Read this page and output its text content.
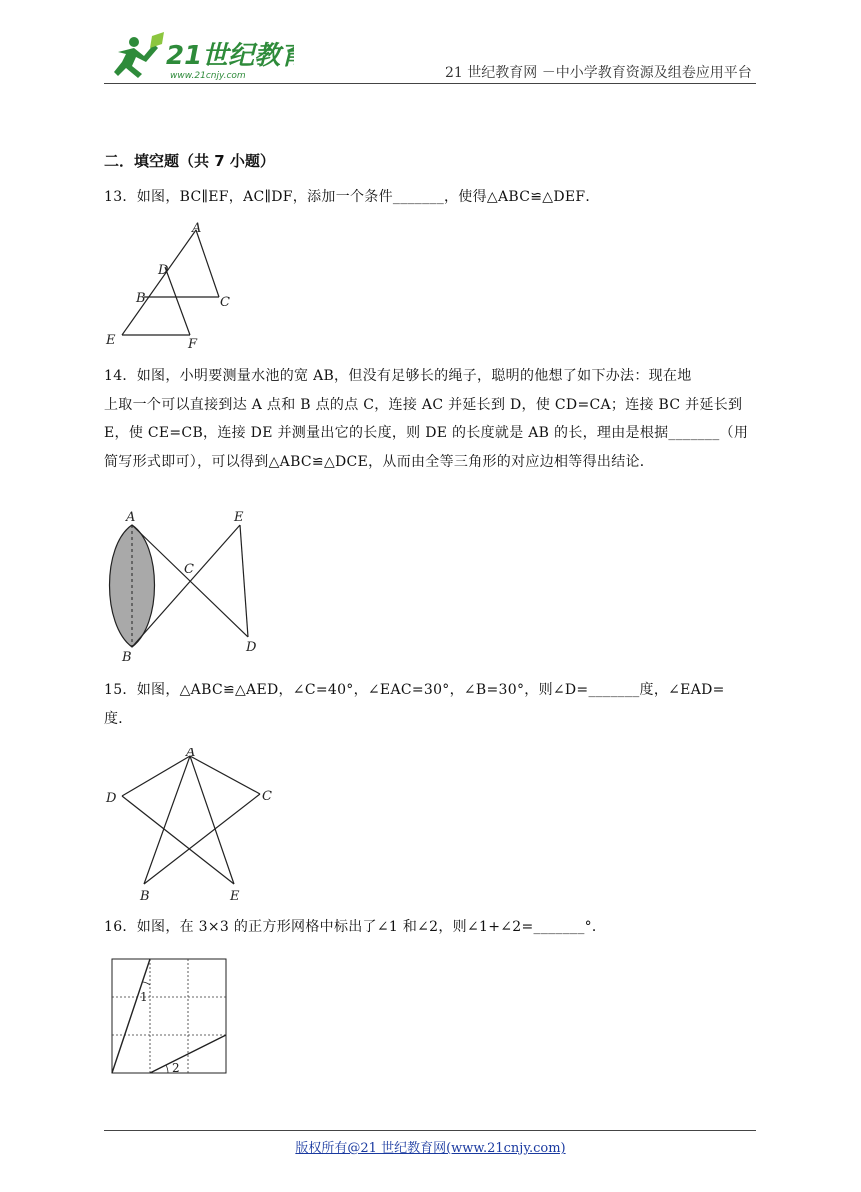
21世纪教育
www.21cnjy.com	21 世纪教育网 －中小学教育资源及组卷应用平台
二．填空题（共 7 小题）
13．如图，BC∥EF，AC∥DF，添加一个条件_______，使得△ABC≌△DEF．
A
D
B	C
E	F
14．如图，小明要测量水池的宽 AB，但没有足够长的绳子，聪明的他想了如下办法：现在地
上取一个可以直接到达 A 点和 B 点的点 C，连接 AC 并延长到 D，使 CD=CA；连接 BC 并延长到
E，使 CE=CB，连接 DE 并测量出它的长度，则 DE 的长度就是 AB 的长，理由是根据_______（用
简写形式即可），可以得到△ABC≌△DCE，从而由全等三角形的对应边相等得出结论．
A
B
C
D
E
15．如图，△ABC≌△AED，∠C=40°，∠EAC=30°，∠B=30°，则∠D=_______度，∠EAD=
度．
A
D	C
B	E
16．如图，在 3×3 的正方形网格中标出了∠1 和∠2，则∠1+∠2=_______°．
1
2
版权所有@21 世纪教育网(www.21cnjy.com)
